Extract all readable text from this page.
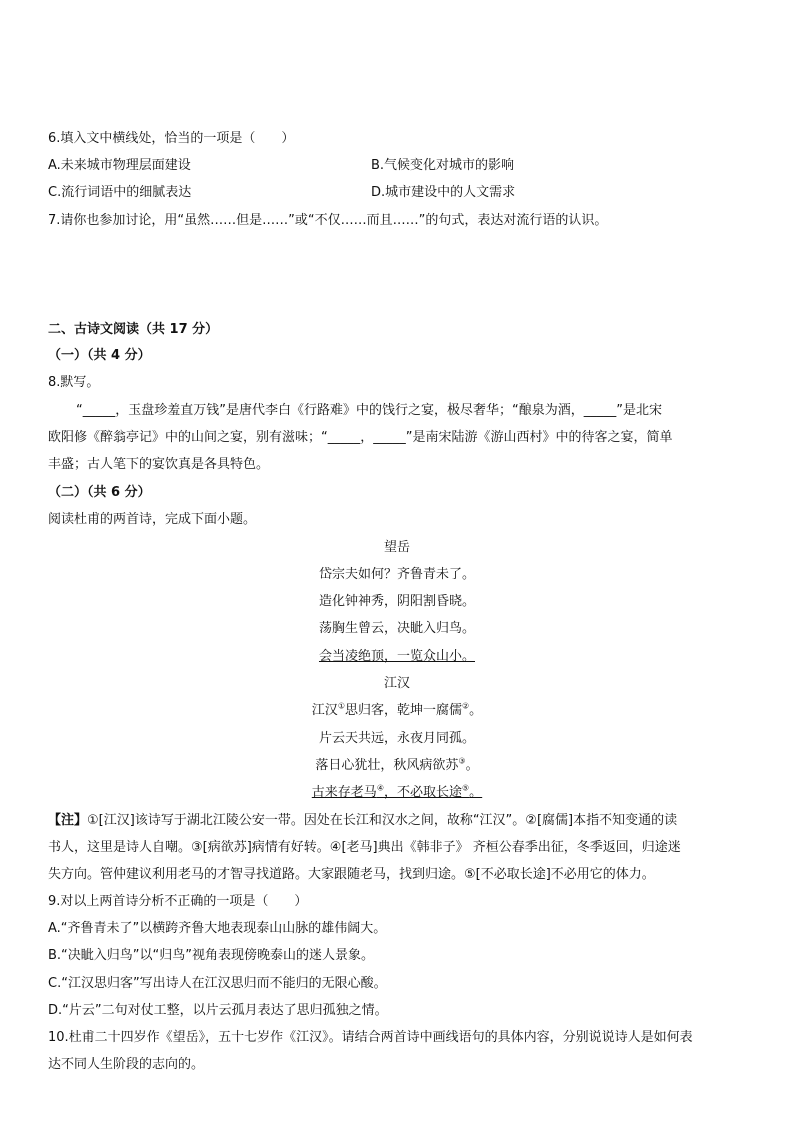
6.填入文中横线处，恰当的一项是（　　）
A.未来城市物理层面建设	B.气候变化对城市的影响
C.流行词语中的细腻表达	D.城市建设中的人文需求
7.请你也参加讨论，用“虽然……但是……”或“不仅……而且……”的句式，表达对流行语的认识。
二、古诗文阅读（共 17 分）
（一）（共 4 分）
8.默写。
“_____，玉盘珍羞直万钱”是唐代李白《行路难》中的饯行之宴，极尽奢华；“酿泉为酒，_____”是北宋
欧阳修《醉翁亭记》中的山间之宴，别有滋味；“_____，_____”是南宋陆游《游山西村》中的待客之宴，简单
丰盛；古人笔下的宴饮真是各具特色。
（二）（共 6 分）
阅读杜甫的两首诗，完成下面小题。
望岳
岱宗夫如何？齐鲁青未了。
造化钟神秀，阴阳割昏晓。
荡胸生曾云，决眦入归鸟。
会当凌绝顶，一览众山小。
江汉
江汉①思归客，乾坤一腐儒②。
片云天共远，永夜月同孤。
落日心犹壮，秋风病欲苏③。
古来存老马④，不必取长途⑤。
【注】①[江汉]该诗写于湖北江陵公安一带。因处在长江和汉水之间，故称“江汉”。②[腐儒]本指不知变通的读
书人，这里是诗人自嘲。③[病欲苏]病情有好转。④[老马]典出《韩非子》 齐桓公春季出征，冬季返回，归途迷
失方向。管仲建议利用老马的才智寻找道路。大家跟随老马，找到归途。⑤[不必取长途]不必用它的体力。
9.对以上两首诗分析不正确的一项是（　　）
A.“齐鲁青未了”以横跨齐鲁大地表现泰山山脉的雄伟阔大。
B.“决眦入归鸟”以“归鸟”视角表现傍晚泰山的迷人景象。
C.“江汉思归客”写出诗人在江汉思归而不能归的无限心酸。
D.“片云”二句对仗工整，以片云孤月表达了思归孤独之情。
10.杜甫二十四岁作《望岳》，五十七岁作《江汉》。请结合两首诗中画线语句的具体内容，分别说说诗人是如何表
达不同人生阶段的志向的。
